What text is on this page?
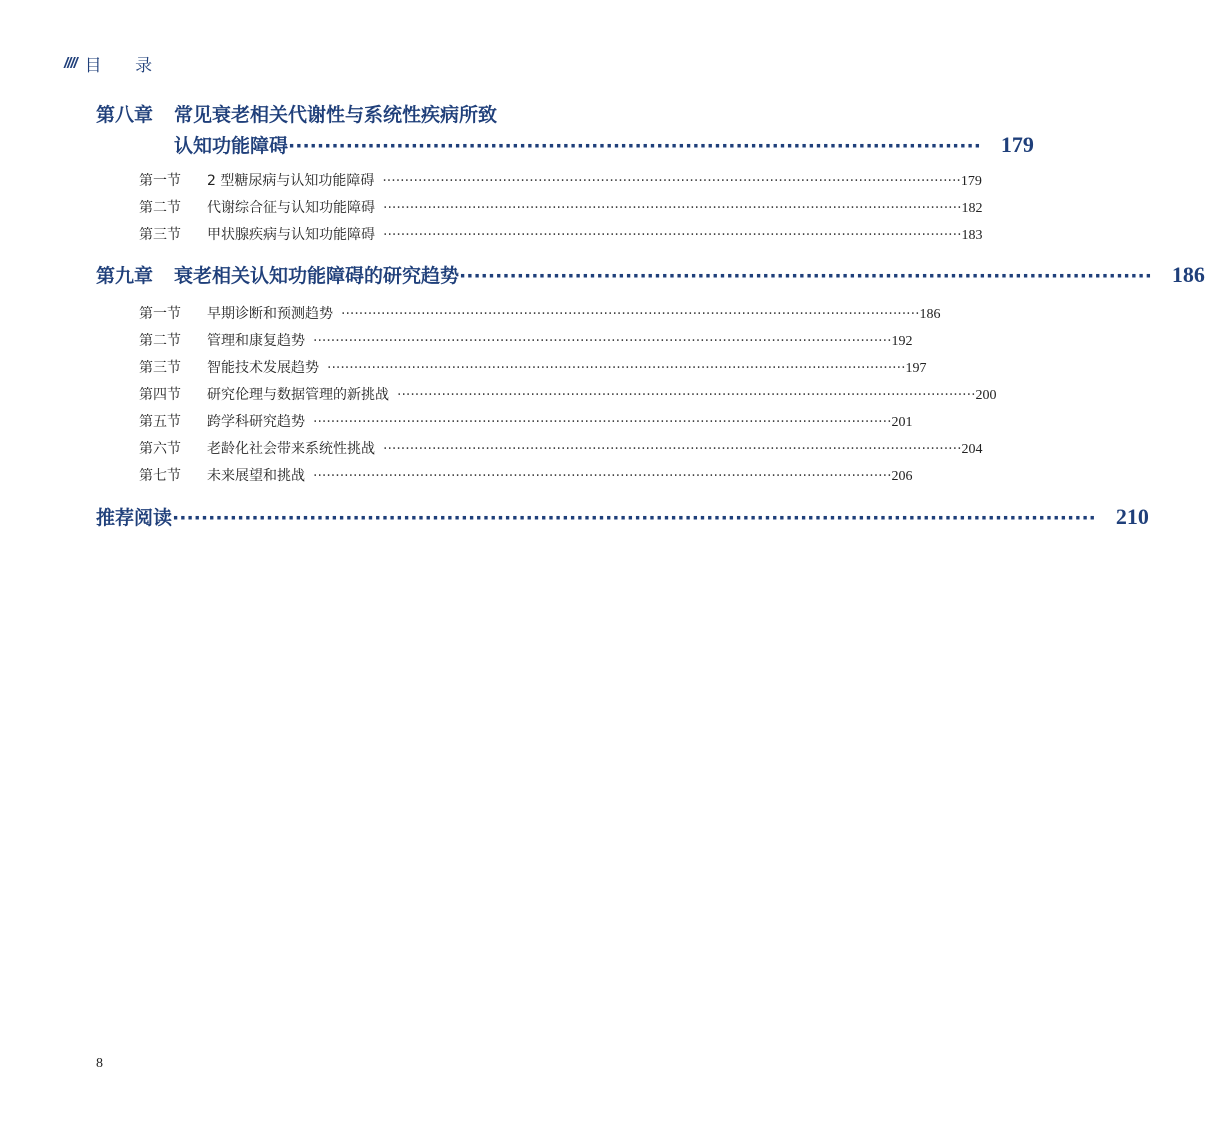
//// 目 录
第八章	常见衰老相关代谢性与系统性疾病所致
认知功能障碍 ································································································ 179
第一节	2 型糖尿病与认知功能障碍 ·································································································································· 179
第二节	代谢综合征与认知功能障碍 ·································································································································· 182
第三节	甲状腺疾病与认知功能障碍 ·································································································································· 183
第九章	衰老相关认知功能障碍的研究趋势 ································································································ 186
第一节	早期诊断和预测趋势 ·································································································································· 186
第二节	管理和康复趋势 ·································································································································· 192
第三节	智能技术发展趋势 ·································································································································· 197
第四节	研究伦理与数据管理的新挑战 ·································································································································· 200
第五节	跨学科研究趋势 ·································································································································· 201
第六节	老龄化社会带来系统性挑战 ·································································································································· 204
第七节	未来展望和挑战 ·································································································································· 206
推荐阅读 ································································································································ 210
8
